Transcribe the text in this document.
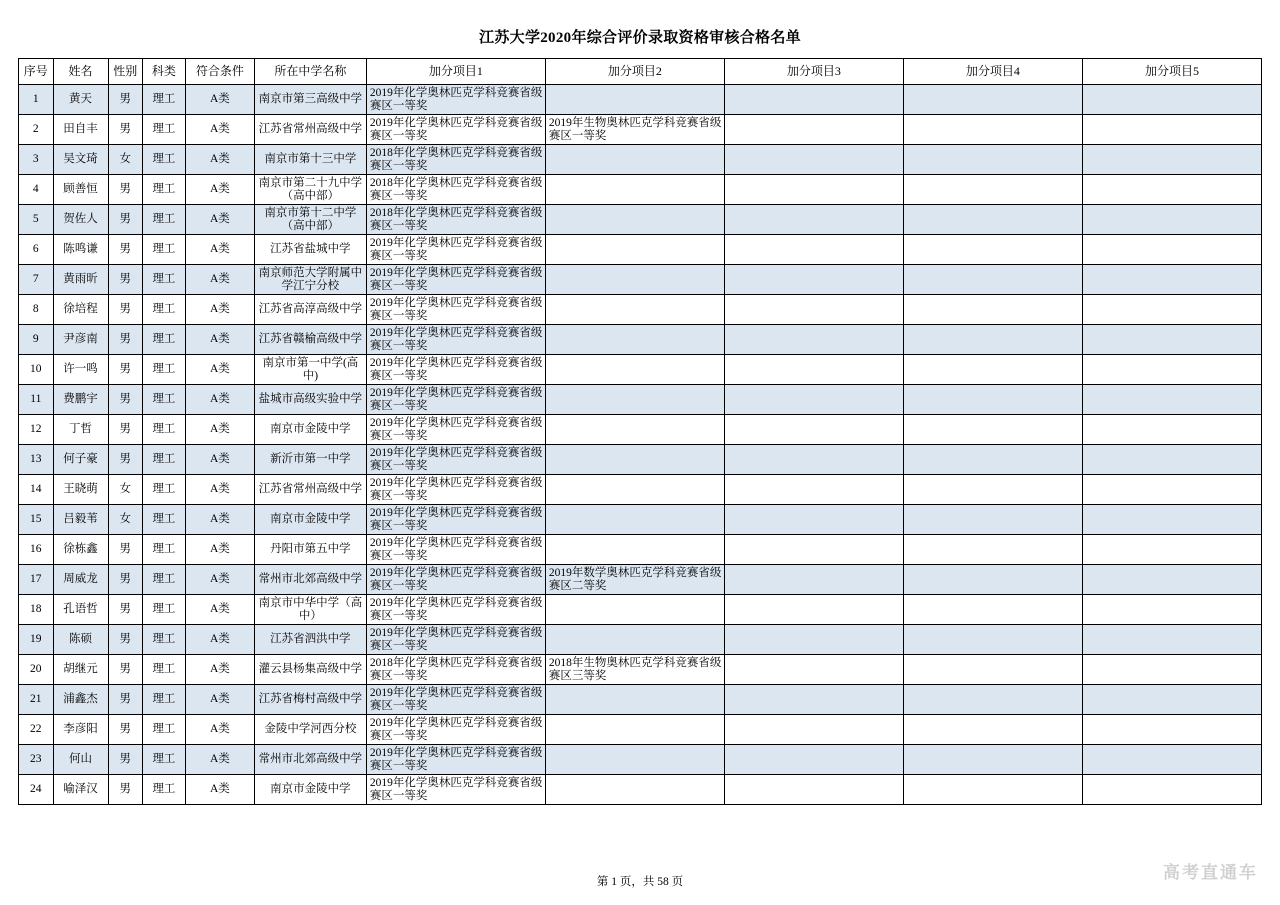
江苏大学2020年综合评价录取资格审核合格名单
序号	姓名	性别	科类	符合条件	所在中学名称	加分项目1	加分项目2	加分项目3	加分项目4	加分项目5
1	黄天	男	理工	A类	南京市第三高级中学	2019年化学奥林匹克学科竞赛省级赛区一等奖				
2	田自丰	男	理工	A类	江苏省常州高级中学	2019年化学奥林匹克学科竞赛省级赛区一等奖	2019年生物奥林匹克学科竞赛省级赛区一等奖			
3	吴文琦	女	理工	A类	南京市第十三中学	2018年化学奥林匹克学科竞赛省级赛区一等奖				
4	顾善恒	男	理工	A类	南京市第二十九中学（高中部）	2018年化学奥林匹克学科竞赛省级赛区一等奖				
5	贺佐人	男	理工	A类	南京市第十二中学（高中部）	2018年化学奥林匹克学科竞赛省级赛区一等奖				
6	陈鸣谦	男	理工	A类	江苏省盐城中学	2019年化学奥林匹克学科竞赛省级赛区一等奖				
7	黄雨昕	男	理工	A类	南京师范大学附属中学江宁分校	2019年化学奥林匹克学科竞赛省级赛区一等奖				
8	徐培程	男	理工	A类	江苏省高淳高级中学	2019年化学奥林匹克学科竞赛省级赛区一等奖				
9	尹彦南	男	理工	A类	江苏省赣榆高级中学	2019年化学奥林匹克学科竞赛省级赛区一等奖				
10	许一鸣	男	理工	A类	南京市第一中学(高中)	2019年化学奥林匹克学科竞赛省级赛区一等奖				
11	费鹏宇	男	理工	A类	盐城市高级实验中学	2019年化学奥林匹克学科竞赛省级赛区一等奖				
12	丁哲	男	理工	A类	南京市金陵中学	2019年化学奥林匹克学科竞赛省级赛区一等奖				
13	何子豪	男	理工	A类	新沂市第一中学	2019年化学奥林匹克学科竞赛省级赛区一等奖				
14	王晓萌	女	理工	A类	江苏省常州高级中学	2019年化学奥林匹克学科竞赛省级赛区一等奖				
15	吕毅苇	女	理工	A类	南京市金陵中学	2019年化学奥林匹克学科竞赛省级赛区一等奖				
16	徐栋鑫	男	理工	A类	丹阳市第五中学	2019年化学奥林匹克学科竞赛省级赛区一等奖				
17	周威龙	男	理工	A类	常州市北郊高级中学	2019年化学奥林匹克学科竞赛省级赛区一等奖	2019年数学奥林匹克学科竞赛省级赛区二等奖			
18	孔语哲	男	理工	A类	南京市中华中学（高中）	2019年化学奥林匹克学科竞赛省级赛区一等奖				
19	陈硕	男	理工	A类	江苏省泗洪中学	2019年化学奥林匹克学科竞赛省级赛区一等奖				
20	胡继元	男	理工	A类	灌云县杨集高级中学	2018年化学奥林匹克学科竞赛省级赛区一等奖	2018年生物奥林匹克学科竞赛省级赛区三等奖			
21	浦鑫杰	男	理工	A类	江苏省梅村高级中学	2019年化学奥林匹克学科竞赛省级赛区一等奖				
22	李彦阳	男	理工	A类	金陵中学河西分校	2019年化学奥林匹克学科竞赛省级赛区一等奖				
23	何山	男	理工	A类	常州市北郊高级中学	2019年化学奥林匹克学科竞赛省级赛区一等奖				
24	喻泽汉	男	理工	A类	南京市金陵中学	2019年化学奥林匹克学科竞赛省级赛区一等奖				
第 1 页，共 58 页	高考直通车
